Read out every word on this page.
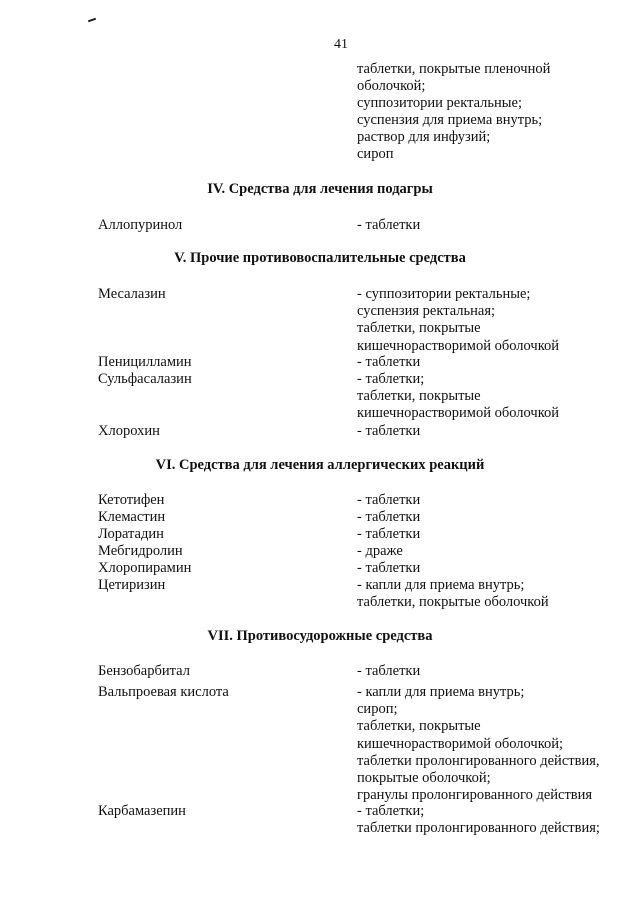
41
таблетки, покрытые пленочной
оболочкой;
суппозитории ректальные;
суспензия для приема внутрь;
раствор для инфузий;
сироп
IV. Средства для лечения подагры
Аллопуринол	- таблетки
V. Прочие противовоспалительные средства
Месалазин	- суппозитории ректальные;
суспензия ректальная;
таблетки, покрытые
кишечнорастворимой оболочкой
Пеницилламин	- таблетки
Сульфасалазин	- таблетки;
таблетки, покрытые
кишечнорастворимой оболочкой
Хлорохин	- таблетки
VI. Средства для лечения аллергических реакций
Кетотифен	- таблетки
Клемастин	- таблетки
Лоратадин	- таблетки
Мебгидролин	- драже
Хлоропирамин	- таблетки
Цетиризин	- капли для приема внутрь;
таблетки, покрытые оболочкой
VII. Противосудорожные средства
Бензобарбитал	- таблетки
Вальпроевая кислота	- капли для приема внутрь;
сироп;
таблетки, покрытые
кишечнорастворимой оболочкой;
таблетки пролонгированного действия,
покрытые оболочкой;
гранулы пролонгированного действия
Карбамазепин	- таблетки;
таблетки пролонгированного действия;
